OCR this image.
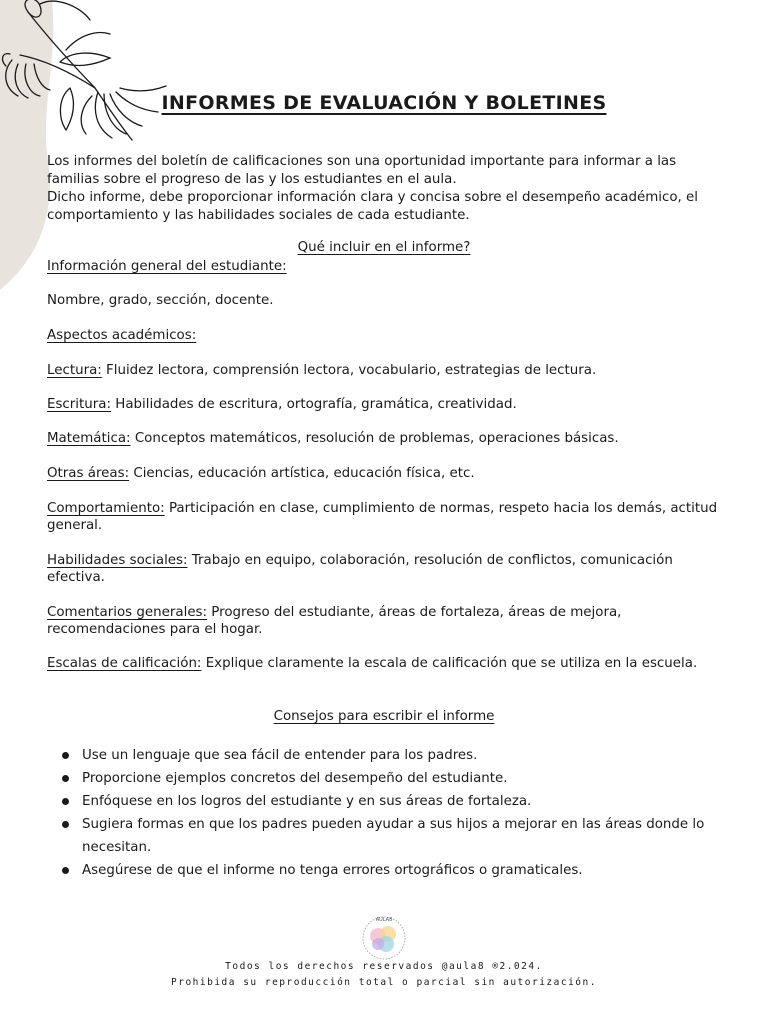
INFORMES DE EVALUACIÓN Y BOLETINES

Los informes del boletín de calificaciones son una oportunidad importante para informar a las familias sobre el progreso de las y los estudiantes en el aula.

Dicho informe, debe proporcionar información clara y concisa sobre el desempeño académico, el comportamiento y las habilidades sociales de cada estudiante.

Qué incluir en el informe?

Información general del estudiante:

Nombre, grado, sección, docente.

Aspectos académicos:

Lectura: Fluidez lectora, comprensión lectora, vocabulario, estrategias de lectura.

Escritura: Habilidades de escritura, ortografía, gramática, creatividad.

Matemática: Conceptos matemáticos, resolución de problemas, operaciones básicas.

Otras áreas: Ciencias, educación artística, educación física, etc.

Comportamiento: Participación en clase, cumplimiento de normas, respeto hacia los demás, actitud general.

Habilidades sociales: Trabajo en equipo, colaboración, resolución de conflictos, comunicación efectiva.

Comentarios generales: Progreso del estudiante, áreas de fortaleza, áreas de mejora, recomendaciones para el hogar.

Escalas de calificación: Explique claramente la escala de calificación que se utiliza en la escuela.

Consejos para escribir el informe
Use un lenguaje que sea fácil de entender para los padres.
Proporcione ejemplos concretos del desempeño del estudiante.
Enfóquese en los logros del estudiante y en sus áreas de fortaleza.
Sugiera formas en que los padres pueden ayudar a sus hijos a mejorar en las áreas donde lo necesitan.
Asegúrese de que el informe no tenga errores ortográficos o gramaticales.
AULA8
Todos los derechos reservados @aula8 ®2.024.
Prohibida su reproducción total o parcial sin autorización.
